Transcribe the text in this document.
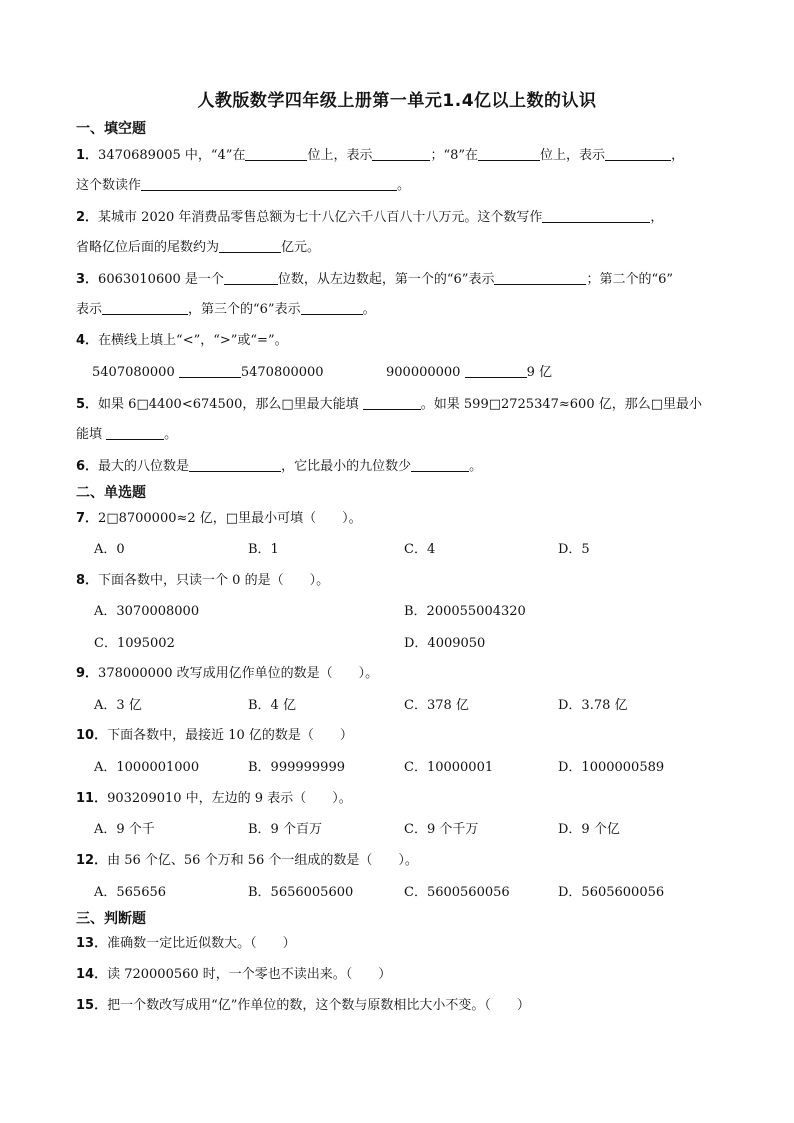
人教版数学四年级上册第一单元1.4亿以上数的认识
一、填空题
1．3470689005 中，“4”在	位上，表示	；“8”在	位上，表示	，
这个数读作	。
2．某城市 2020 年消费品零售总额为七十八亿六千八百八十八万元。这个数写作	，
省略亿位后面的尾数约为	亿元。
3．6063010600 是一个	位数，从左边数起，第一个的“6”表示	；第二个的“6”
表示	，第三个的“6”表示	。
4．在横线上填上“<”，“>”或“=”。
5407080000	5470800000	900000000	9 亿
5．如果 6□4400<674500，那么□里最大能填	。如果 599□2725347≈600 亿，那么□里最小
能填	。
6．最大的八位数是	，它比最小的九位数少	。
二、单选题
7．2□8700000≈2 亿，□里最小可填（　　）。
A．0	B．1	C．4	D．5
8．下面各数中，只读一个 0 的是（　　）。
A．3070008000	B．200055004320
C．1095002	D．4009050
9．378000000 改写成用亿作单位的数是（　　）。
A．3 亿	B．4 亿	C．378 亿	D．3.78 亿
10．下面各数中，最接近 10 亿的数是（　　）
A．1000001000	B．999999999	C．10000001	D．1000000589
11．903209010 中，左边的 9 表示（　　）。
A．9 个千	B．9 个百万	C．9 个千万	D．9 个亿
12．由 56 个亿、56 个万和 56 个一组成的数是（　　）。
A．565656	B．5656005600	C．5600560056	D．5605600056
三、判断题
13．准确数一定比近似数大。（　　）
14．读 720000560 时，一个零也不读出来。（　　）
15．把一个数改写成用“亿”作单位的数，这个数与原数相比大小不变。（　　）
